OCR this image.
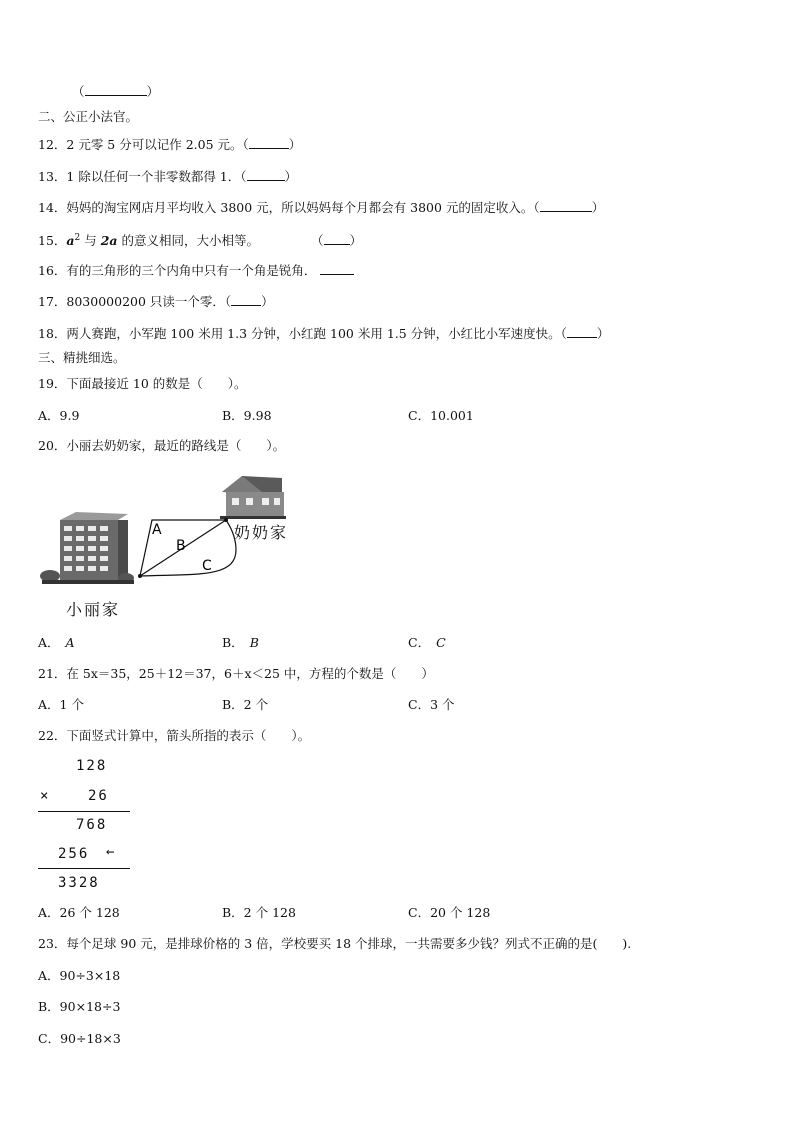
（	）
二、公正小法官。
12．2 元零 5 分可以记作 2.05 元。（	）
13．1 除以任何一个非零数都得 1．（	）
14．妈妈的淘宝网店月平均收入 3800 元，所以妈妈每个月都会有 3800 元的固定收入。（	）
15．$a^2$ 与 2a 的意义相同，大小相等。	（ ）
16．有的三角形的三个内角中只有一个角是锐角．
17．8030000200 只读一个零．（ ）
18．两人赛跑，小军跑 100 米用 1.3 分钟，小红跑 100 米用 1.5 分钟，小红比小军速度快。（ ）
三、精挑细选。
19．下面最接近 10 的数是（　　）。
A．9.9	B．9.98	C．10.001
20．小丽去奶奶家，最近的路线是（　　）。
A
B
C
奶奶家
小丽家
A． A	B． B	C． C
21．在 5x＝35，25＋12＝37，6＋x＜25 中，方程的个数是（　　）
A．1 个	B．2 个	C．3 个
22．下面竖式计算中，箭头所指的表示（　　）。
128
×	26
768
256 ←
3328
A．26 个 128	B．2 个 128	C．20 个 128
23．每个足球 90 元，是排球价格的 3 倍，学校要买 18 个排球，一共需要多少钱？列式不正确的是(　　).
A．90÷3×18
B．90×18÷3
C．90÷18×3
